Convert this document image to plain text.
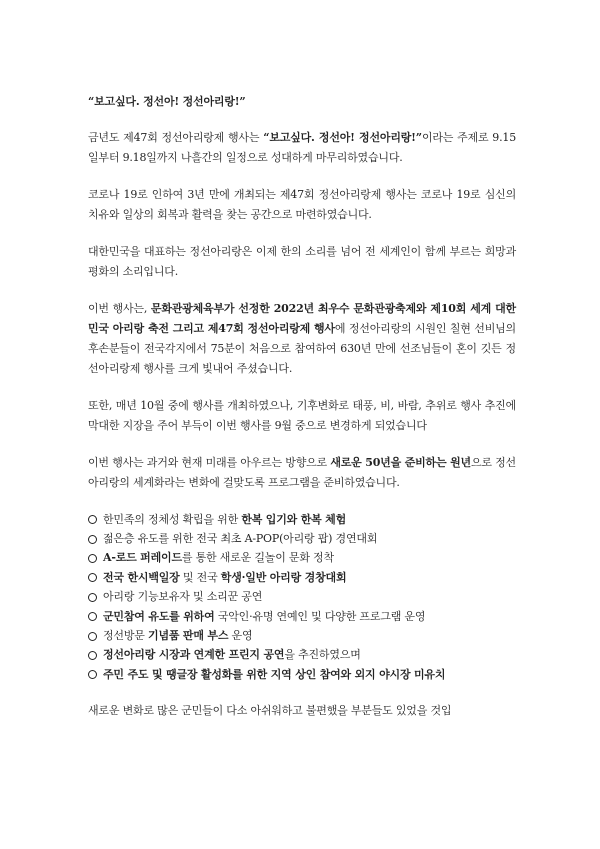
“보고싶다. 정선아! 정선아리랑!”
금년도 제47회 정선아리랑제 행사는 “보고싶다. 정선아! 정선아리랑!”이라는 주제로 9.15일부터 9.18일까지 나흘간의 일정으로 성대하게 마무리하였습니다.
코로나 19로 인하여 3년 만에 개최되는 제47회 정선아리랑제 행사는 코로나 19로 심신의 치유와 일상의 회복과 활력을 찾는 공간으로 마련하였습니다.
대한민국을 대표하는 정선아리랑은 이제 한의 소리를 넘어 전 세계인이 함께 부르는 희망과 평화의 소리입니다.
이번 행사는, 문화관광체육부가 선정한 2022년 최우수 문화관광축제와 제10회 세계 대한민국 아리랑 축전 그리고 제47회 정선아리랑제 행사에 정선아리랑의 시원인 칠현 선비님의 후손분들이 전국각지에서 75분이 처음으로 참여하여 630년 만에 선조님들이 혼이 깃든 정선아리랑제 행사를 크게 빛내어 주셨습니다.
또한, 매년 10월 중에 행사를 개최하였으나, 기후변화로 태풍, 비, 바람, 추위로 행사 추진에 막대한 지장을 주어 부득이 이번 행사를 9월 중으로 변경하게 되었습니다
이번 행사는 과거와 현재 미래를 아우르는 방향으로 새로운 50년을 준비하는 원년으로 정선아리랑의 세계화라는 변화에 걸맞도록 프로그램을 준비하였습니다.
한민족의 정체성 확립을 위한 한복 입기와 한복 체험
젊은층 유도를 위한 전국 최초 A-POP(아리랑 팝) 경연대회
A-로드 퍼레이드를 통한 새로운 길놀이 문화 정착
전국 한시백일장 및 전국 학생·일반 아리랑 경창대회
아리랑 기능보유자 및 소리꾼 공연
군민참여 유도를 위하여 국악인·유명 연예인 및 다양한 프로그램 운영
정선방문 기념품 판매 부스 운영
정선아리랑 시장과 연계한 프린지 공연을 추진하였으며
주민 주도 및 땡글장 활성화를 위한 지역 상인 참여와 외지 야시장 미유치
새로운 변화로 많은 군민들이 다소 아쉬워하고 불편했을 부분들도 있었을 것입
